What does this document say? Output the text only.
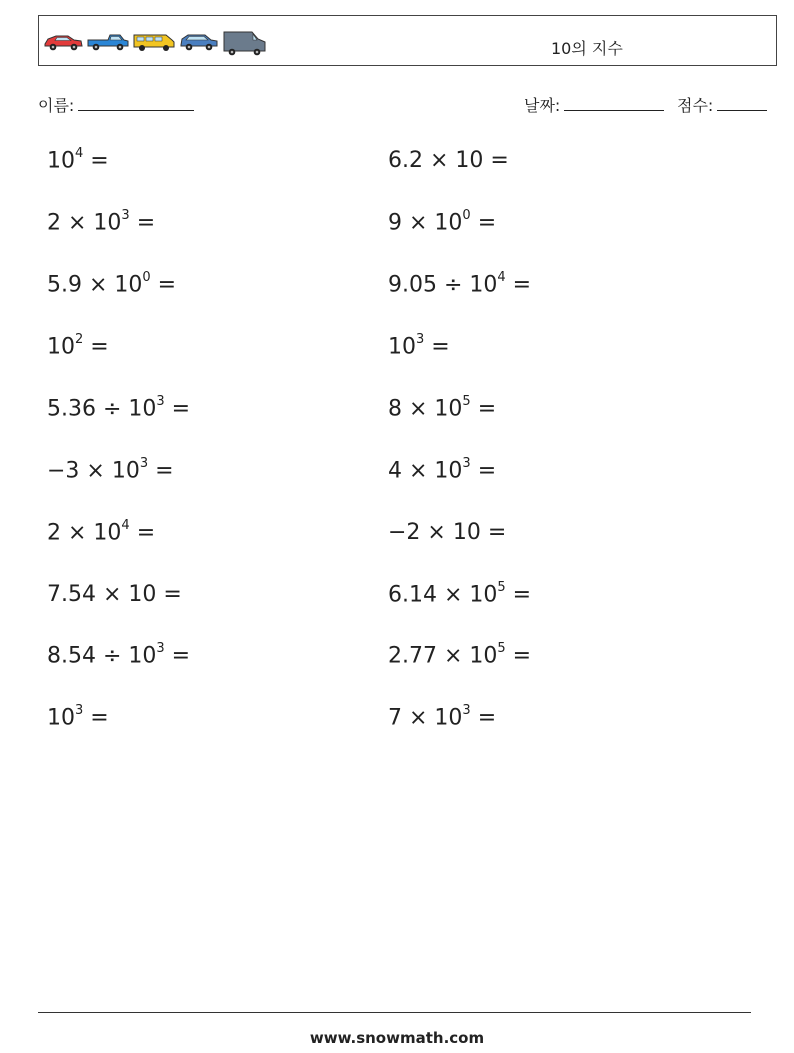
10의 지수
이름:	날짜:	점수:
$10^4$ =
$2 \times 10^3$ =
$5.9 \times 10^0$ =
$10^2$ =
$5.36 \div 10^3$ =
$-3 \times 10^3$ =
$2 \times 10^4$ =
7.54 × 10 =
$8.54 \div 10^3$ =
$10^3$ =
6.2 × 10 =
$9 \times 10^0$ =
$9.05 \div 10^4$ =
$10^3$ =
$8 \times 10^5$ =
$4 \times 10^3$ =
−2 × 10 =
$6.14 \times 10^5$ =
$2.77 \times 10^5$ =
$7 \times 10^3$ =
www.snowmath.com
